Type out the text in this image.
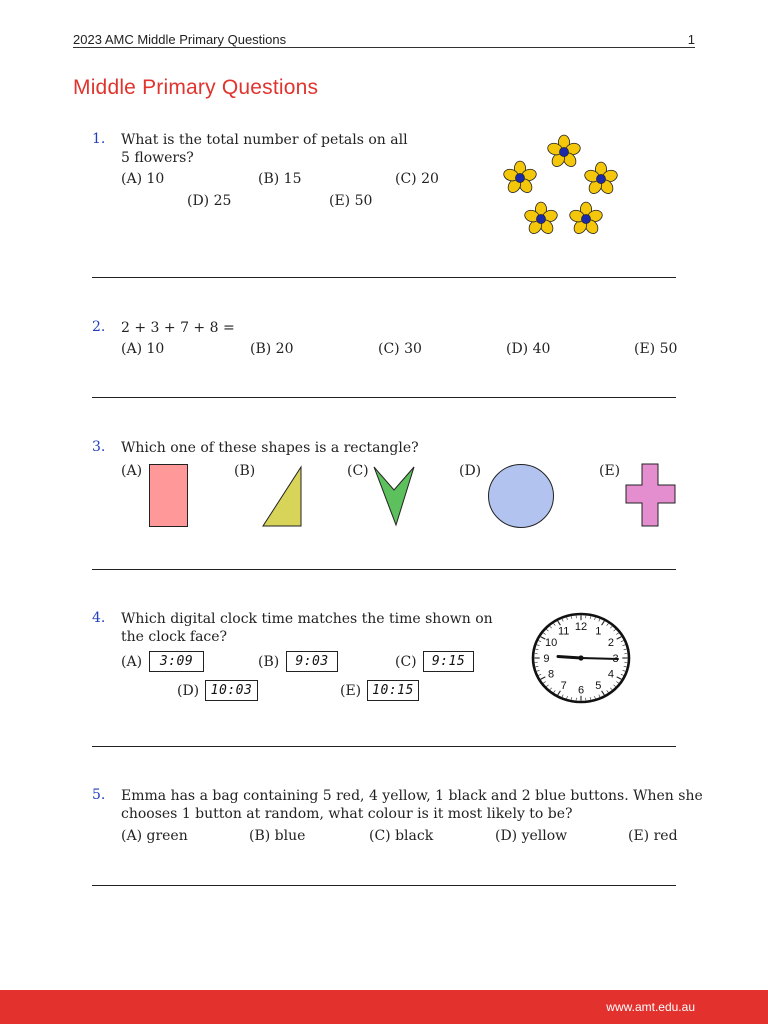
2023 AMC Middle Primary Questions	1
Middle Primary Questions
1. What is the total number of petals on all
5 flowers?
(A) 10	(B) 15	(C) 20
(D) 25	(E) 50
2. 2 + 3 + 7 + 8 =
(A) 10	(B) 20	(C) 30	(D) 40	(E) 50
3. Which one of these shapes is a rectangle?
(A)	(B)	(C)	(D)	(E)
4. Which digital clock time matches the time shown on
the clock face?
(A)	3:09	(B)	9:03	(C)	9:15
(D) 10:03	(E) 10:15
12 1
2
4
5
6
7
8
9
10
11
5. Emma has a bag containing 5 red, 4 yellow, 1 black and 2 blue buttons. When she
chooses 1 button at random, what colour is it most likely to be?
(A) green	(B) blue	(C) black	(D) yellow	(E) red
www.amt.edu.au
